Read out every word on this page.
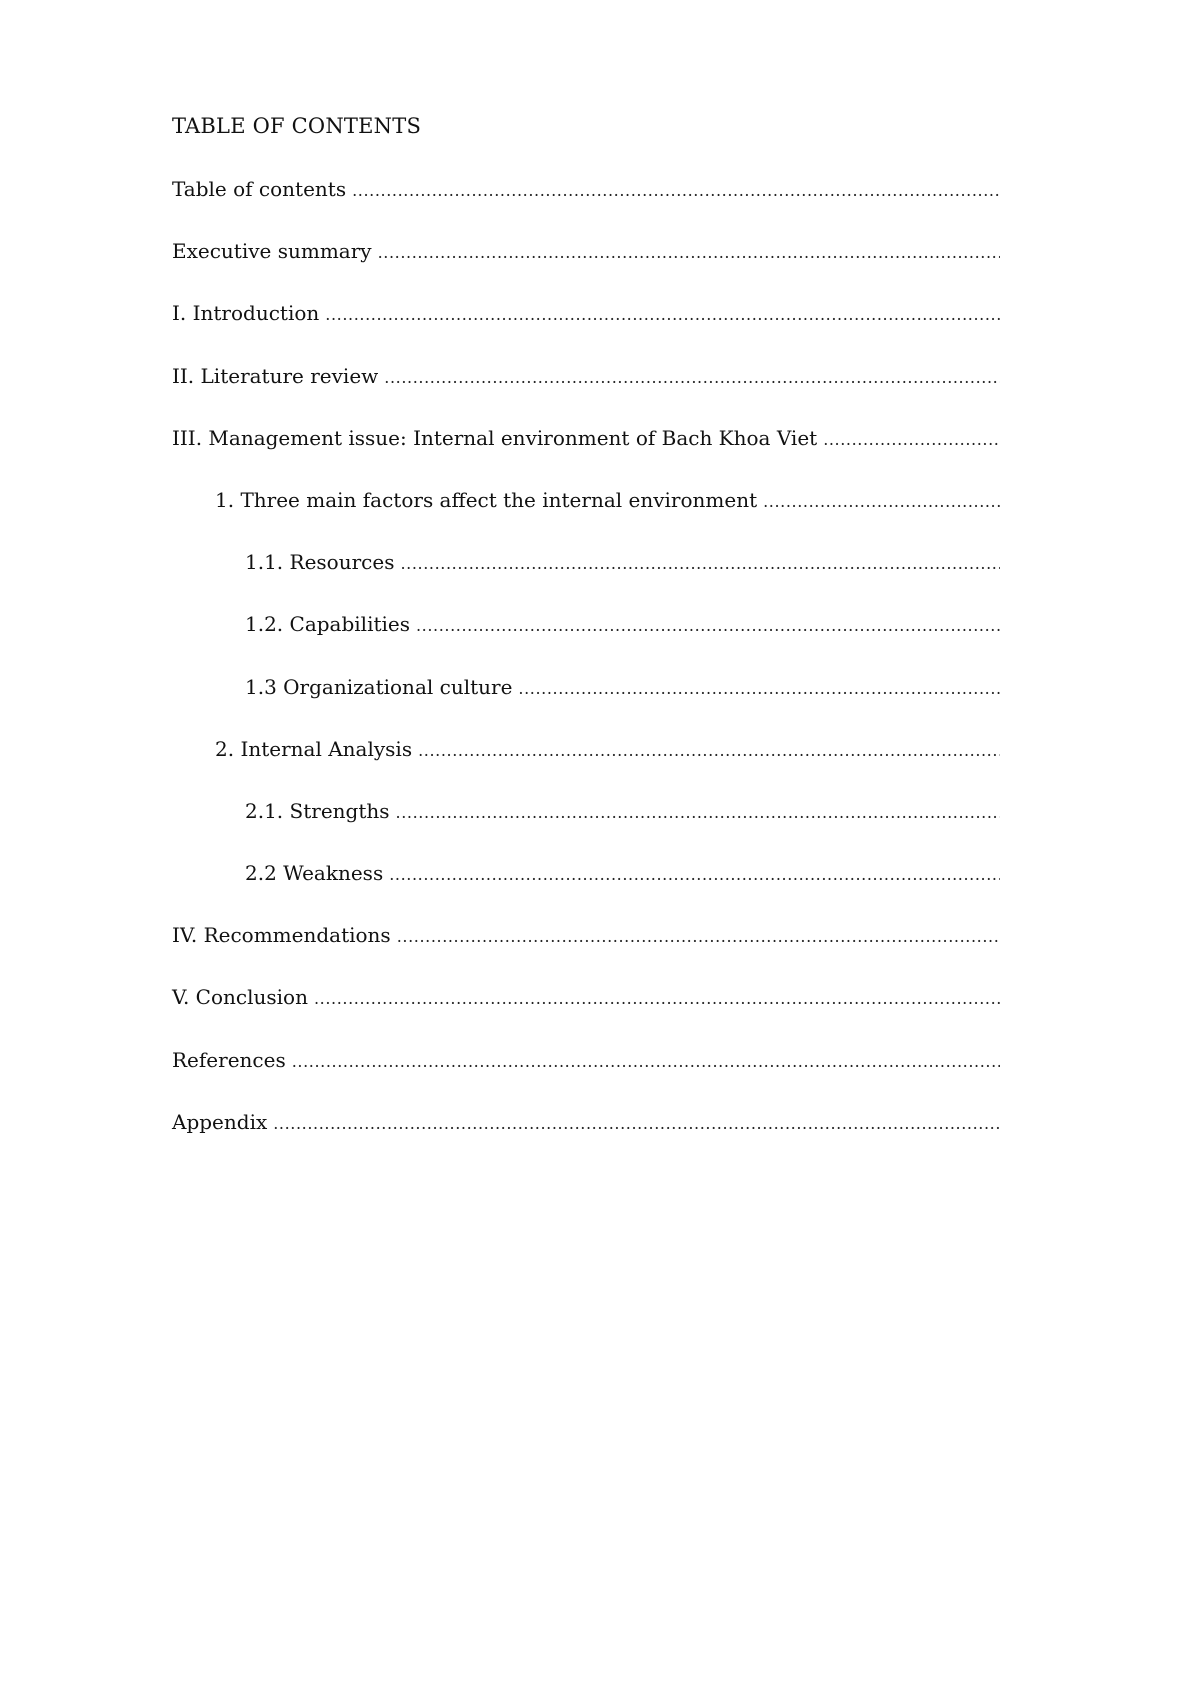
TABLE OF CONTENTS
Table of contents
.....
Executive summary
.....
I. Introduction
.....
II. Literature review
.....
III. Management issue: Internal environment of Bach Khoa Viet
.....
1. Three main factors affect the internal environment
.....
1.1. Resources
.....
1.2. Capabilities
.....
1.3 Organizational culture
.....
2. Internal Analysis
.....
2.1. Strengths
.....
2.2 Weakness
.....
IV. Recommendations
.....
V. Conclusion
.....
References
.....
Appendix
.....
